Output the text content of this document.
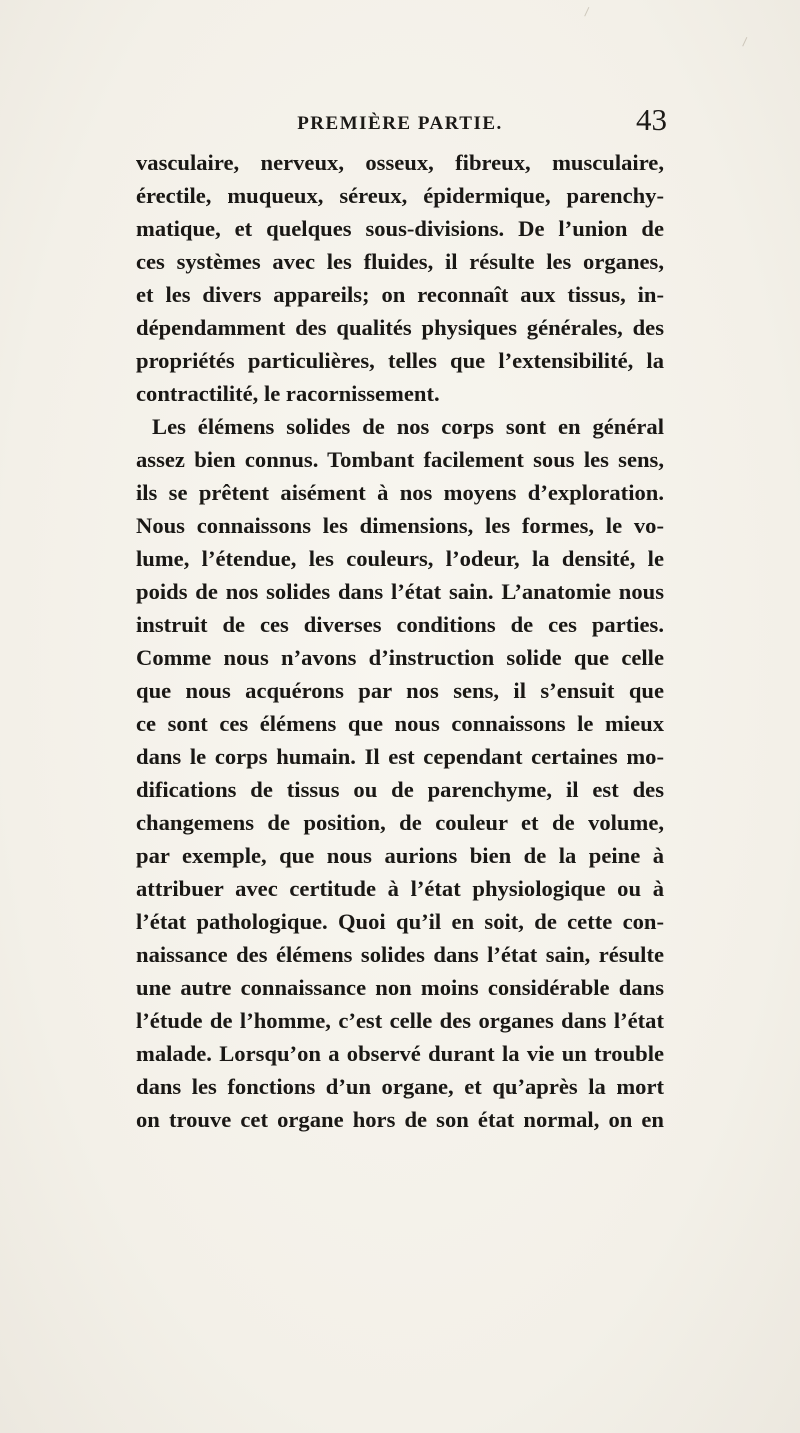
PREMIÈRE PARTIE.	43
vasculaire, nerveux, osseux, fibreux, musculaire,
érectile, muqueux, séreux, épidermique, parenchy-
matique, et quelques sous-divisions. De l’union de
ces systèmes avec les fluides, il résulte les organes,
et les divers appareils; on reconnaît aux tissus, in-
dépendamment des qualités physiques générales, des
propriétés particulières, telles que l’extensibilité, la
contractilité, le racornissement.
Les élémens solides de nos corps sont en général
assez bien connus. Tombant facilement sous les sens,
ils se prêtent aisément à nos moyens d’exploration.
Nous connaissons les dimensions, les formes, le vo-
lume, l’étendue, les couleurs, l’odeur, la densité, le
poids de nos solides dans l’état sain. L’anatomie nous
instruit de ces diverses conditions de ces parties.
Comme nous n’avons d’instruction solide que celle
que nous acquérons par nos sens, il s’ensuit que
ce sont ces élémens que nous connaissons le mieux
dans le corps humain. Il est cependant certaines mo-
difications de tissus ou de parenchyme, il est des
changemens de position, de couleur et de volume,
par exemple, que nous aurions bien de la peine à
attribuer avec certitude à l’état physiologique ou à
l’état pathologique. Quoi qu’il en soit, de cette con-
naissance des élémens solides dans l’état sain, résulte
une autre connaissance non moins considérable dans
l’étude de l’homme, c’est celle des organes dans l’état
malade. Lorsqu’on a observé durant la vie un trouble
dans les fonctions d’un organe, et qu’après la mort
on trouve cet organe hors de son état normal, on en
